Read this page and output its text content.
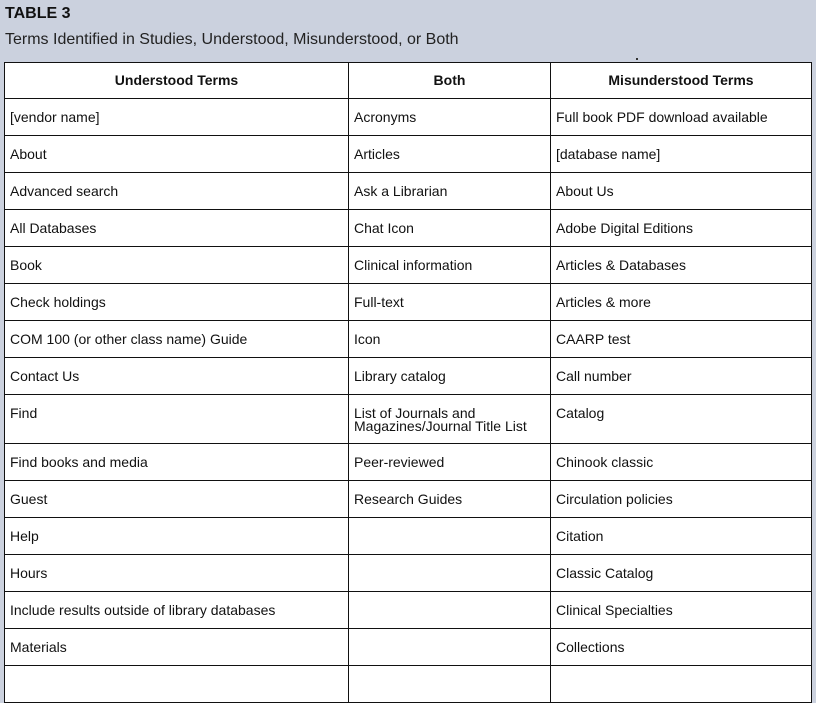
TABLE 3
Terms Identified in Studies, Understood, Misunderstood, or Both
Understood Terms	Both	Misunderstood Terms
[vendor name]	Acronyms	Full book PDF download available
About	Articles	[database name]
Advanced search	Ask a Librarian	About Us
All Databases	Chat Icon	Adobe Digital Editions
Book	Clinical information	Articles & Databases
Check holdings	Full-text	Articles & more
COM 100 (or other class name) Guide	Icon	CAARP test
Contact Us	Library catalog	Call number
Find	List of Journals and Magazines/Journal Title List	Catalog
Find books and media	Peer-reviewed	Chinook classic
Guest	Research Guides	Circulation policies
Help		Citation
Hours		Classic Catalog
Include results outside of library databases		Clinical Specialties
Materials		Collections
